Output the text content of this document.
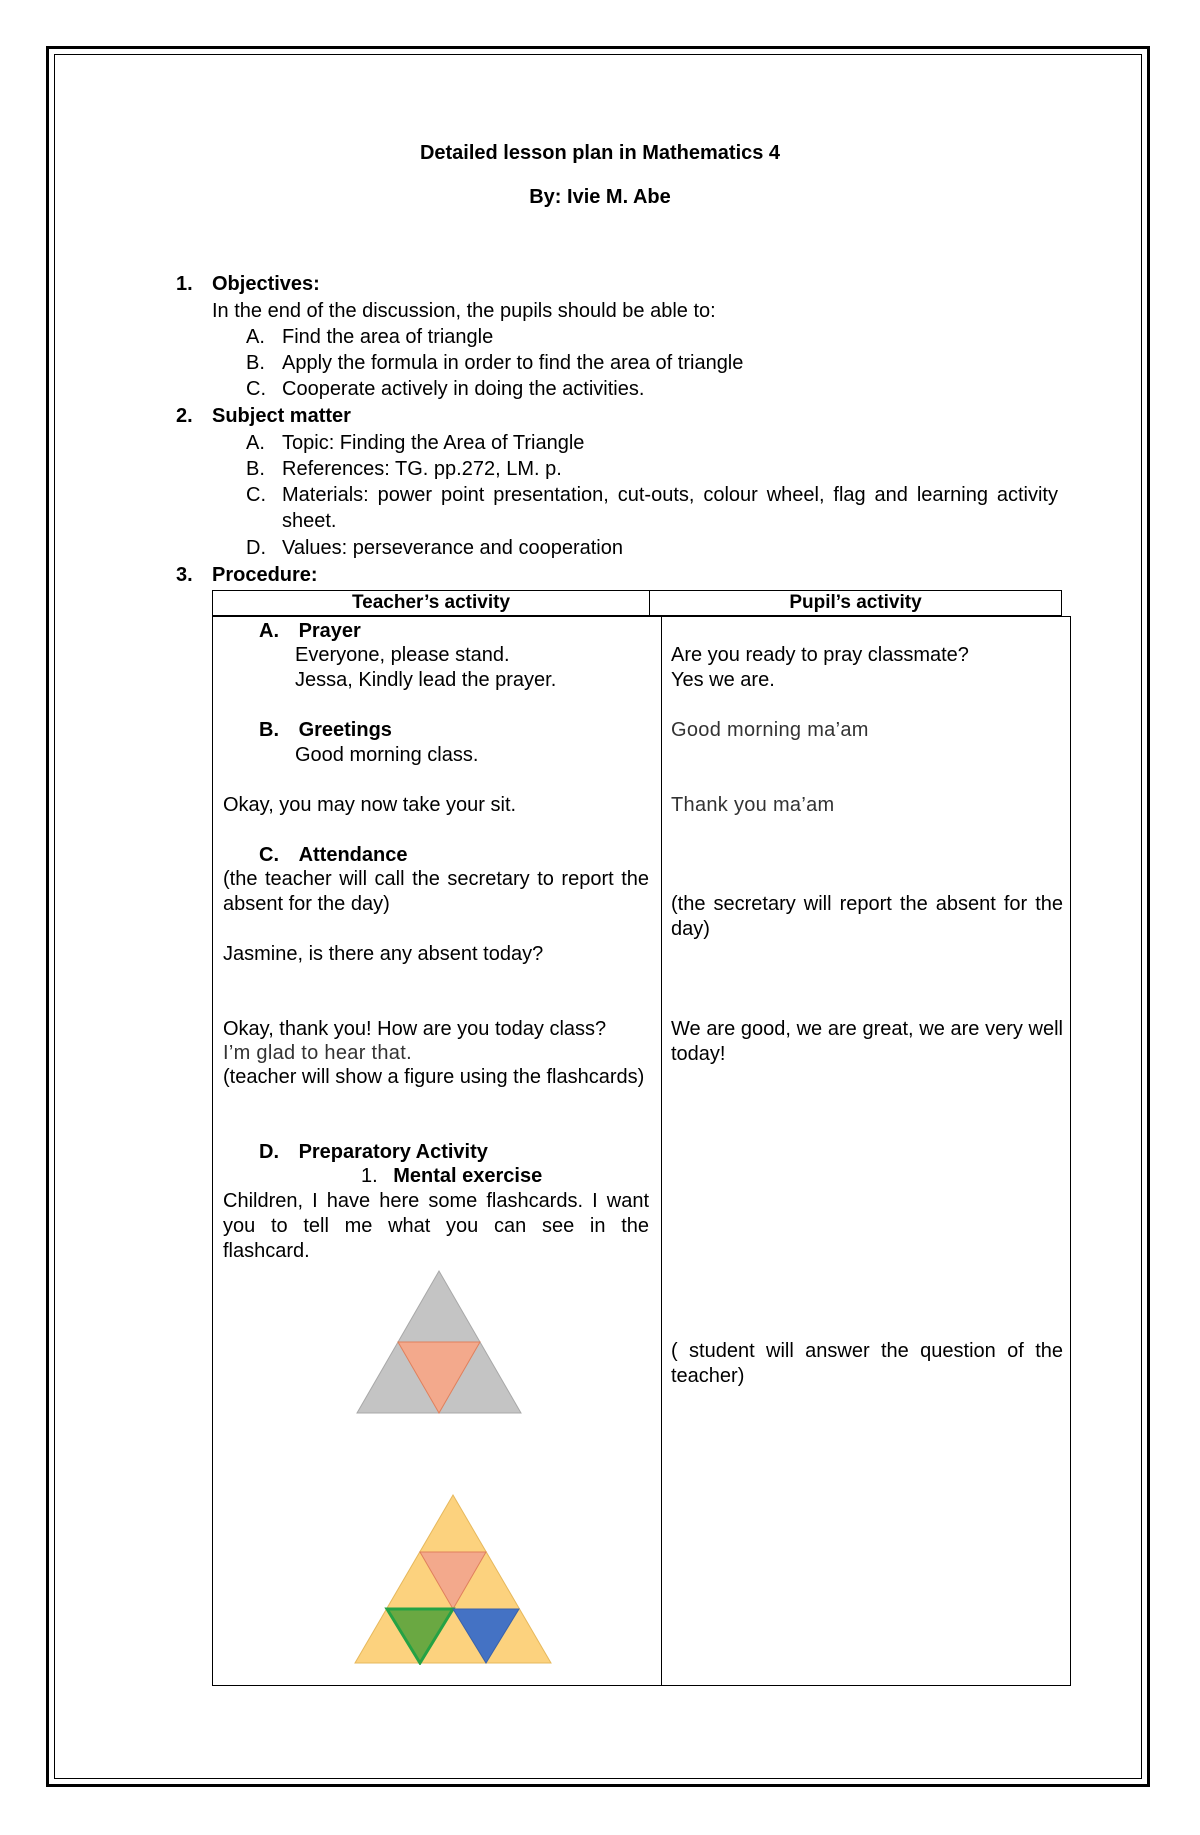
Detailed lesson plan in Mathematics 4
By: Ivie M. Abe
1. Objectives:
In the end of the discussion, the pupils should be able to:
A. Find the area of triangle
B. Apply the formula in order to find the area of triangle
C. Cooperate actively in doing the activities.
2. Subject matter
A. Topic: Finding the Area of Triangle
B. References: TG. pp.272, LM. p.
C. Materials: power point presentation, cut-outs, colour wheel, flag and learning activity sheet.
D. Values: perseverance and cooperation
3. Procedure:
Teacher’s activity	Pupil’s activity
A. Prayer
Everyone, please stand.
Jessa, Kindly lead the prayer.
B. Greetings
Good morning class.
Okay, you may now take your sit.
C. Attendance
(the teacher will call the secretary to report the absent for the day)
Jasmine, is there any absent today?
Okay, thank you! How are you today class?
I’m glad to hear that.
(teacher will show a figure using the flashcards)
D. Preparatory Activity
1. Mental exercise
Children, I have here some flashcards. I want you to tell me what you can see in the flashcard.
Are you ready to pray classmate?
Yes we are.
Good morning ma’am
Thank you ma’am
(the secretary will report the absent for the day)
We are good, we are great, we are very well today!
( student will answer the question of the teacher)
